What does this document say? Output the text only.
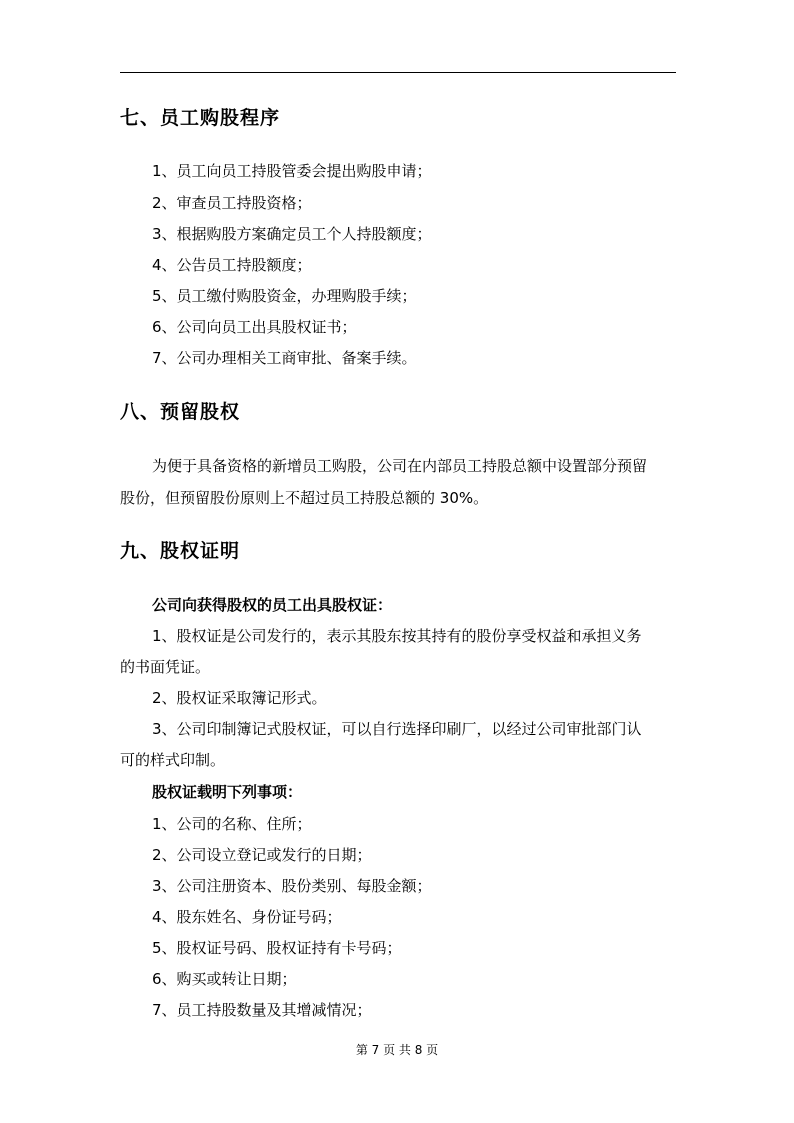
七、员工购股程序
1、员工向员工持股管委会提出购股申请；
2、审查员工持股资格；
3、根据购股方案确定员工个人持股额度；
4、公告员工持股额度；
5、员工缴付购股资金，办理购股手续；
6、公司向员工出具股权证书；
7、公司办理相关工商审批、备案手续。
八、预留股权
为便于具备资格的新增员工购股，公司在内部员工持股总额中设置部分预留
股份，但预留股份原则上不超过员工持股总额的 30%。
九、股权证明
公司向获得股权的员工出具股权证：
1、股权证是公司发行的，表示其股东按其持有的股份享受权益和承担义务
的书面凭证。
2、股权证采取簿记形式。
3、公司印制簿记式股权证，可以自行选择印刷厂，以经过公司审批部门认
可的样式印制。
股权证载明下列事项：
1、公司的名称、住所；
2、公司设立登记或发行的日期；
3、公司注册资本、股份类别、每股金额；
4、股东姓名、身份证号码；
5、股权证号码、股权证持有卡号码；
6、购买或转让日期；
7、员工持股数量及其增减情况；
第 7 页 共 8 页
